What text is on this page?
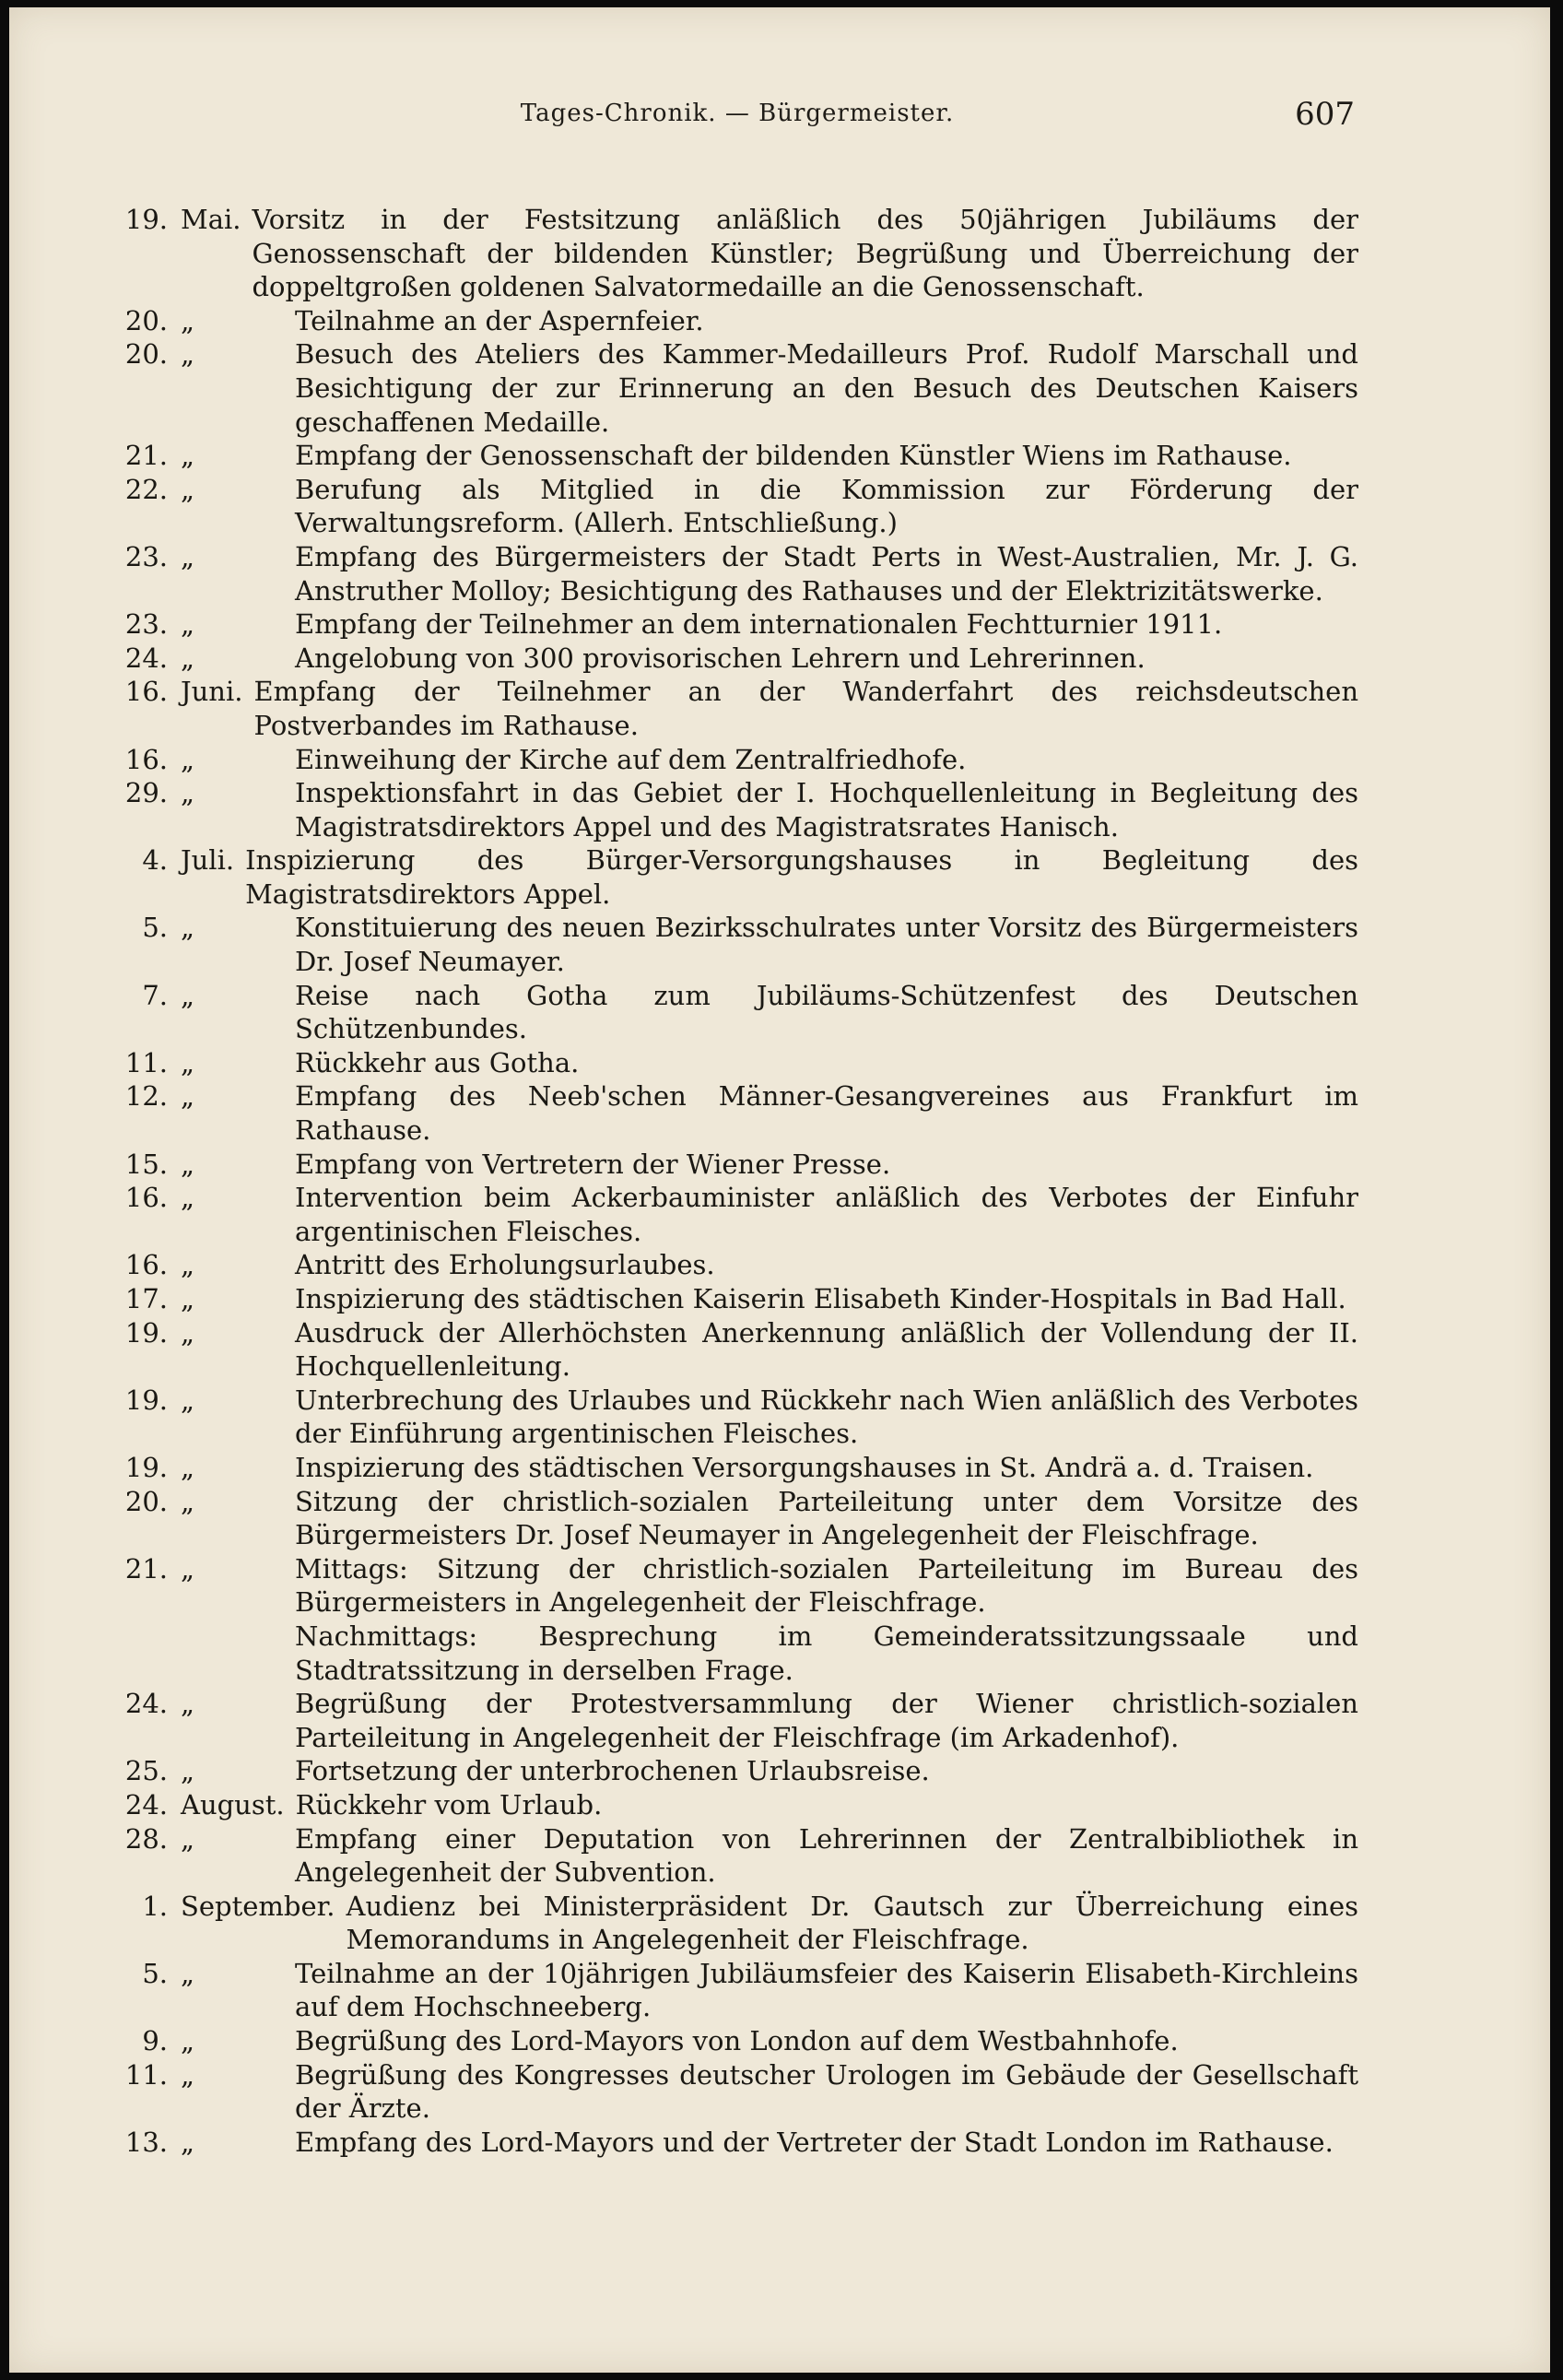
Tages-Chronik. — Bürgermeister.	607
19. Mai. Vorsitz in der Festsitzung anläßlich des 50jährigen Jubiläums der Genossenschaft der bildenden Künstler; Begrüßung und Überreichung der doppeltgroßen goldenen Salvatormedaille an die Genossenschaft.

20. „	Teilnahme an der Aspernfeier.

20. „	Besuch des Ateliers des Kammer-Medailleurs Prof. Rudolf Marschall und Besichtigung der zur Erinnerung an den Besuch des Deutschen Kaisers geschaffenen Medaille.

21. „	Empfang der Genossenschaft der bildenden Künstler Wiens im Rathause.

22. „	Berufung als Mitglied in die Kommission zur Förderung der Verwaltungsreform. (Allerh. Entschließung.)

23. „	Empfang des Bürgermeisters der Stadt Perts in West-Australien, Mr. J. G. Anstruther Molloy; Besichtigung des Rathauses und der Elektrizitätswerke.

23. „	Empfang der Teilnehmer an dem internationalen Fechtturnier 1911.

24. „	Angelobung von 300 provisorischen Lehrern und Lehrerinnen.

16. Juni. Empfang der Teilnehmer an der Wanderfahrt des reichsdeutschen Postverbandes im Rathause.

16. „	Einweihung der Kirche auf dem Zentralfriedhofe.

29. „	Inspektionsfahrt in das Gebiet der I. Hochquellenleitung in Begleitung des Magistratsdirektors Appel und des Magistratsrates Hanisch.

4. Juli. Inspizierung des Bürger-Versorgungshauses in Begleitung des Magistratsdirektors Appel.

5. „	Konstituierung des neuen Bezirksschulrates unter Vorsitz des Bürgermeisters Dr. Josef Neumayer.

7. „	Reise nach Gotha zum Jubiläums-Schützenfest des Deutschen Schützenbundes.

11. „	Rückkehr aus Gotha.

12. „	Empfang des Neeb'schen Männer-Gesangvereines aus Frankfurt im Rathause.

15. „	Empfang von Vertretern der Wiener Presse.

16. „	Intervention beim Ackerbauminister anläßlich des Verbotes der Einfuhr argentinischen Fleisches.

16. „	Antritt des Erholungsurlaubes.

17. „	Inspizierung des städtischen Kaiserin Elisabeth Kinder-Hospitals in Bad Hall.

19. „	Ausdruck der Allerhöchsten Anerkennung anläßlich der Vollendung der II. Hochquellenleitung.

19. „	Unterbrechung des Urlaubes und Rückkehr nach Wien anläßlich des Verbotes der Einführung argentinischen Fleisches.

19. „	Inspizierung des städtischen Versorgungshauses in St. Andrä a. d. Traisen.

20. „	Sitzung der christlich-sozialen Parteileitung unter dem Vorsitze des Bürgermeisters Dr. Josef Neumayer in Angelegenheit der Fleischfrage.

21. „	Mittags: Sitzung der christlich-sozialen Parteileitung im Bureau des Bürgermeisters in Angelegenheit der Fleischfrage.

Nachmittags: Besprechung im Gemeinderatssitzungssaale und Stadtratssitzung in derselben Frage.

24. „	Begrüßung der Protestversammlung der Wiener christlich-sozialen Parteileitung in Angelegenheit der Fleischfrage (im Arkadenhof).

25. „	Fortsetzung der unterbrochenen Urlaubsreise.

24. August. Rückkehr vom Urlaub.

28. „	Empfang einer Deputation von Lehrerinnen der Zentralbibliothek in Angelegenheit der Subvention.

1. September. Audienz bei Ministerpräsident Dr. Gautsch zur Überreichung eines Memorandums in Angelegenheit der Fleischfrage.

5. „	Teilnahme an der 10jährigen Jubiläumsfeier des Kaiserin Elisabeth-Kirchleins auf dem Hochschneeberg.

9. „	Begrüßung des Lord-Mayors von London auf dem Westbahnhofe.

11. „	Begrüßung des Kongresses deutscher Urologen im Gebäude der Gesellschaft der Ärzte.

13. „	Empfang des Lord-Mayors und der Vertreter der Stadt London im Rathause.
